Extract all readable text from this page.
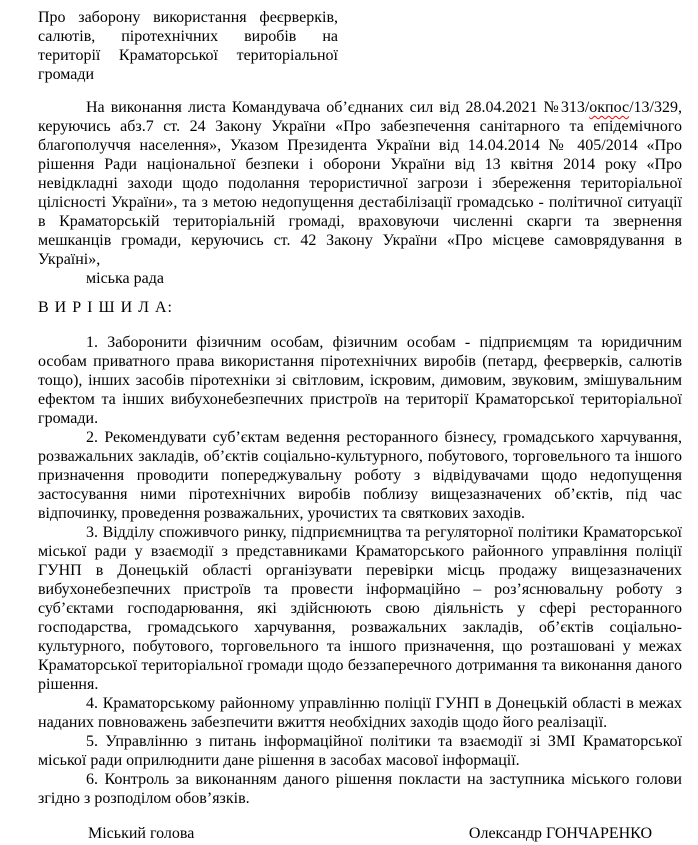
Про заборону використання феєрверків, салютів, піротехнічних виробів на території Краматорської територіальної громади

На виконання листа Командувача об’єднаних сил від 28.04.2021 №313/окпос/13/329, керуючись абз.7 ст. 24 Закону України «Про забезпечення санітарного та епідемічного благополуччя населення», Указом Президента України від 14.04.2014 № 405/2014 «Про рішення Ради національної безпеки і оборони України від 13 квітня 2014 року «Про невідкладні заходи щодо подолання терористичної загрози і збереження територіальної цілісності України», та з метою недопущення дестабілізації громадсько - політичної ситуації в Краматорській територіальній громаді, враховуючи численні скарги та звернення мешканців громади, керуючись ст. 42 Закону України «Про місцеве самоврядування в Україні»,

міська рада

В И Р І Ш И Л А:

1. Заборонити фізичним особам, фізичним особам - підприємцям та юридичним особам приватного права використання піротехнічних виробів (петард, феєрверків, салютів тощо), інших засобів піротехніки зі світловим, іскровим, димовим, звуковим, змішувальним ефектом та інших вибухонебезпечних пристроїв на території Краматорської територіальної громади.

2. Рекомендувати суб’єктам ведення ресторанного бізнесу, громадського харчування, розважальних закладів, об’єктів соціально-культурного, побутового, торговельного та іншого призначення проводити попереджувальну роботу з відвідувачами щодо недопущення застосування ними піротехнічних виробів поблизу вищезазначених об’єктів, під час відпочинку, проведення розважальних, урочистих та святкових заходів.

3. Відділу споживчого ринку, підприємництва та регуляторної політики Краматорської міської ради у взаємодії з представниками Краматорського районного управління поліції ГУНП в Донецькій області організувати перевірки місць продажу вищезазначених вибухонебезпечних пристроїв та провести інформаційно – роз’яснювальну роботу з суб’єктами господарювання, які здійснюють свою діяльність у сфері ресторанного господарства, громадського харчування, розважальних закладів, об’єктів соціально-культурного, побутового, торговельного та іншого призначення, що розташовані у межах Краматорської територіальної громади щодо беззаперечного дотримання та виконання даного рішення.

4. Краматорському районному управлінню поліції ГУНП в Донецькій області в межах наданих повноважень забезпечити вжиття необхідних заходів щодо його реалізації.

5. Управлінню з питань інформаційної політики та взаємодії зі ЗМІ Краматорської міської ради оприлюднити дане рішення в засобах масової інформації.

6. Контроль за виконанням даного рішення покласти на заступника міського голови згідно з розподілом обов’язків.

Міський голова	Олександр ГОНЧАРЕНКО
